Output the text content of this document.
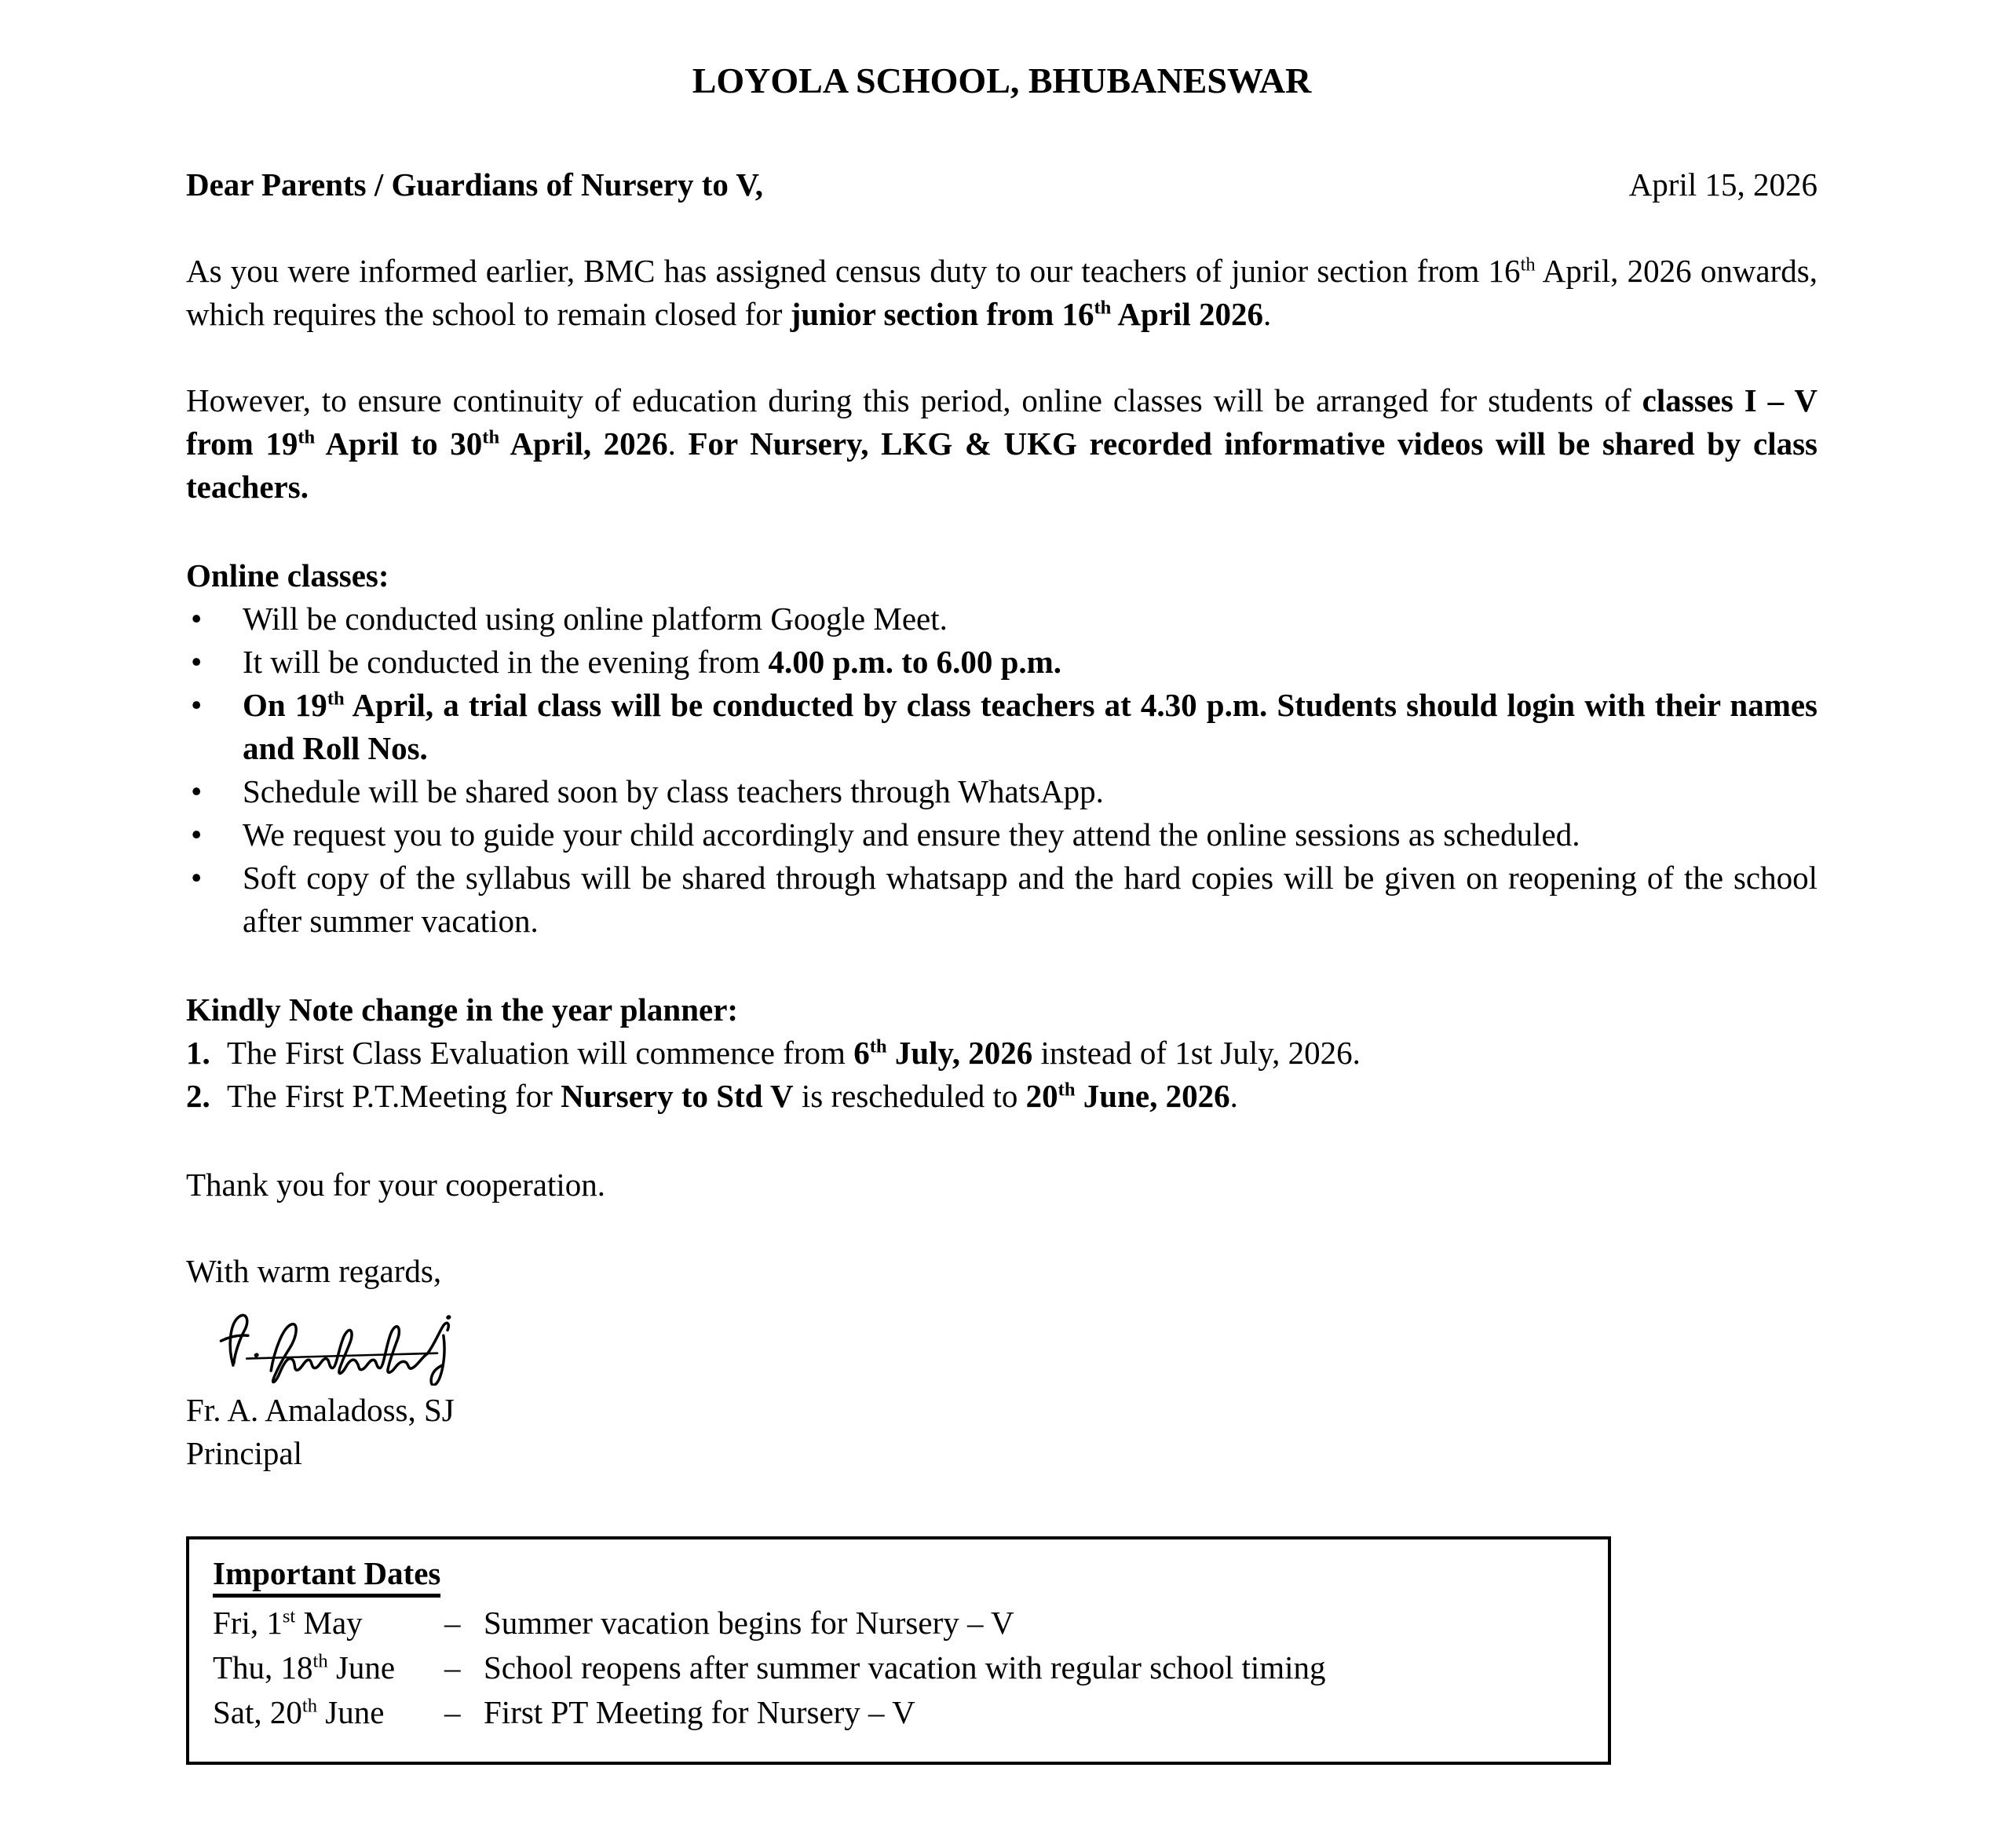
LOYOLA SCHOOL, BHUBANESWAR
Dear Parents / Guardians of Nursery to V,	April 15, 2026

As you were informed earlier, BMC has assigned census duty to our teachers of junior section from 16th April, 2026 onwards, which requires the school to remain closed for junior section from 16th April 2026.

However, to ensure continuity of education during this period, online classes will be arranged for students of classes I – V from 19th April to 30th April, 2026. For Nursery, LKG & UKG recorded informative videos will be shared by class teachers.

Online classes:
• Will be conducted using online platform Google Meet.
• It will be conducted in the evening from 4.00 p.m. to 6.00 p.m.
• On 19th April, a trial class will be conducted by class teachers at 4.30 p.m. Students should login with their names and Roll Nos.
• Schedule will be shared soon by class teachers through WhatsApp.
• We request you to guide your child accordingly and ensure they attend the online sessions as scheduled.
• Soft copy of the syllabus will be shared through whatsapp and the hard copies will be given on reopening of the school after summer vacation.
Kindly Note change in the year planner:
1. The First Class Evaluation will commence from 6th July, 2026 instead of 1st July, 2026.
2. The First P.T.Meeting for Nursery to Std V is rescheduled to 20th June, 2026.
Thank you for your cooperation.
With warm regards,
Fr. A. Amaladoss, SJ
Principal
Important Dates
Fri, 1st May	– Summer vacation begins for Nursery – V
Thu, 18th June	– School reopens after summer vacation with regular school timing
Sat, 20th June	– First PT Meeting for Nursery – V
